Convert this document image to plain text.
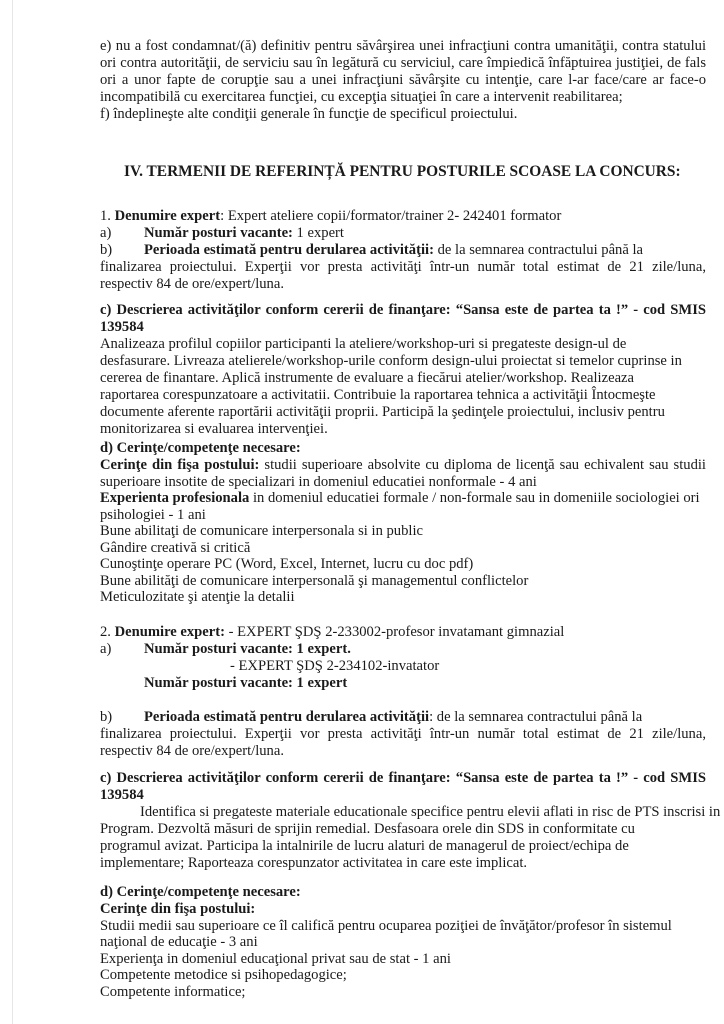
e) nu a fost condamnat/(ă) definitiv pentru săvârşirea unei infracţiuni contra umanităţii, contra statului
ori contra autorităţii, de serviciu sau în legătură cu serviciul, care împiedică înfăptuirea justiţiei, de fals
ori a unor fapte de corupţie sau a unei infracţiuni săvârşite cu intenţie, care l-ar face/care ar face-o
incompatibilă cu exercitarea funcţiei, cu excepţia situaţiei în care a intervenit reabilitarea;
f) îndeplineşte alte condiţii generale în funcţie de specificul proiectului.
IV. TERMENII DE REFERINȚĂ PENTRU POSTURILE SCOASE LA CONCURS:
1. Denumire expert: Expert ateliere copii/formator/trainer 2- 242401 formator
a) Număr posturi vacante: 1 expert
b) Perioada estimată pentru derularea activităţii: de la semnarea contractului până la
finalizarea proiectului. Experţii vor presta activităţi într-un număr total estimat de 21 zile/luna,
respectiv 84 de ore/expert/luna.
c) Descrierea activităţilor conform cererii de finanţare: “Sansa este de partea ta !” - cod SMIS
139584
Analizeaza profilul copiilor participanti la ateliere/workshop-uri si pregateste design-ul de
desfasurare. Livreaza atelierele/workshop-urile conform design-ului proiectat si temelor cuprinse in
cererea de finantare. Aplică instrumente de evaluare a fiecărui atelier/workshop. Realizeaza
raportarea corespunzatoare a activitatii. Contribuie la raportarea tehnica a activităţii Întocmeşte
documente aferente raportării activităţii proprii. Participă la şedinţele proiectului, inclusiv pentru
monitorizarea si evaluarea intervenţiei.
d) Cerinţe/competenţe necesare:
Cerinţe din fişa postului: studii superioare absolvite cu diploma de licenţă sau echivalent sau studii
superioare insotite de specializari in domeniul educatiei nonformale - 4 ani
Experienta profesionala in domeniul educatiei formale / non-formale sau in domeniile sociologiei ori
psihologiei - 1 ani
Bune abilitaţi de comunicare interpersonala si in public
Gândire creativă si critică
Cunoştinţe operare PC (Word, Excel, Internet, lucru cu doc pdf)
Bune abilităţi de comunicare interpersonală şi managementul conflictelor
Meticulozitate şi atenţie la detalii
2. Denumire expert: - EXPERT ŞDŞ 2-233002-profesor invatamant gimnazial
a) Număr posturi vacante: 1 expert.
- EXPERT ŞDŞ 2-234102-invatator
Număr posturi vacante: 1 expert
b) Perioada estimată pentru derularea activităţii: de la semnarea contractului până la
finalizarea proiectului. Experţii vor presta activităţi într-un număr total estimat de 21 zile/luna,
respectiv 84 de ore/expert/luna.
c) Descrierea activităţilor conform cererii de finanţare: “Sansa este de partea ta !” - cod SMIS
139584
Identifica si pregateste materiale educationale specifice pentru elevii aflati in risc de PTS inscrisi in
Program. Dezvoltă măsuri de sprijin remedial. Desfasoara orele din SDS in conformitate cu
programul avizat. Participa la intalnirile de lucru alaturi de managerul de proiect/echipa de
implementare; Raporteaza corespunzator activitatea in care este implicat.
d) Cerinţe/competenţe necesare:
Cerinţe din fişa postului:
Studii medii sau superioare ce îl califică pentru ocuparea poziţiei de învăţător/profesor în sistemul
naţional de educaţie - 3 ani
Experienţa in domeniul educaţional privat sau de stat - 1 ani
Competente metodice si psihopedagogice;
Competente informatice;
